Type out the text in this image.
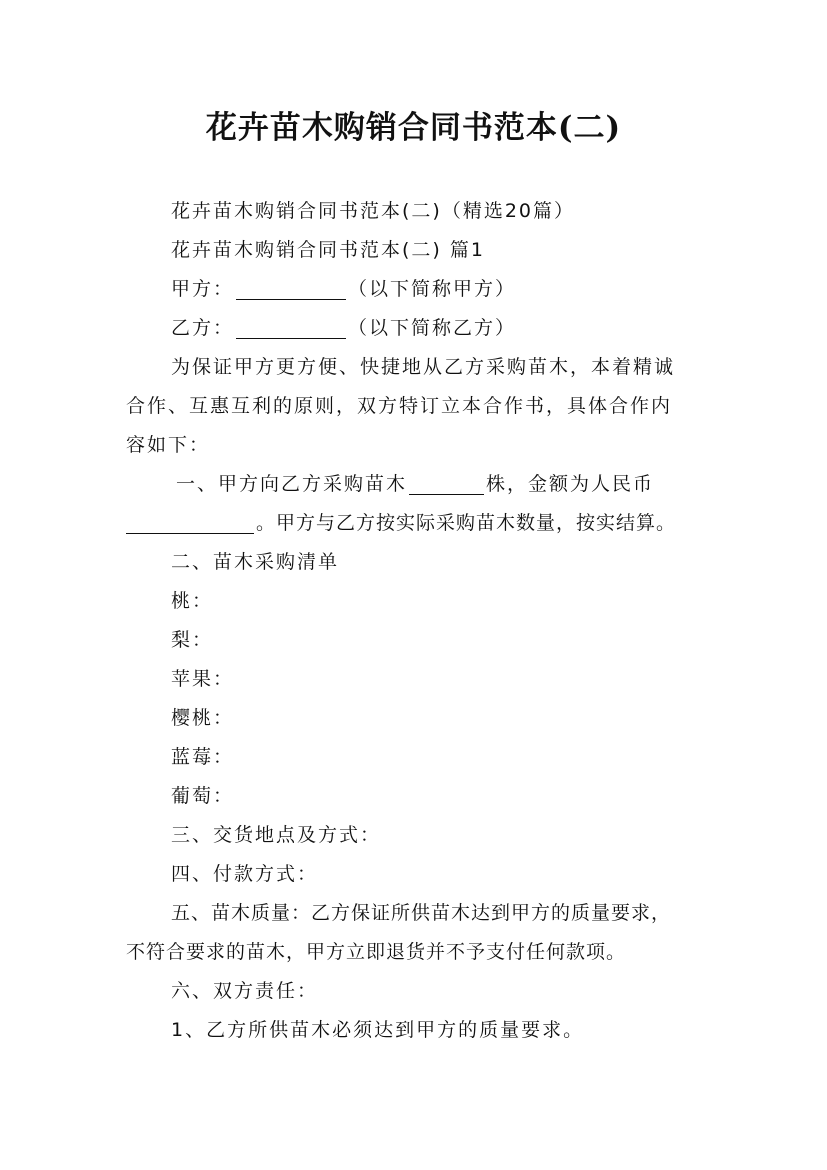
花卉苗木购销合同书范本(二)
花卉苗木购销合同书范本(二)（精选20篇）
花卉苗木购销合同书范本(二) 篇1
甲方：	（以下简称甲方）
乙方：	（以下简称乙方）
为保证甲方更方便、快捷地从乙方采购苗木，本着精诚
合作、互惠互利的原则，双方特订立本合作书，具体合作内
容如下：
一、甲方向乙方采购苗木	株，金额为人民币
。甲方与乙方按实际采购苗木数量，按实结算。
二、苗木采购清单
桃：
梨：
苹果：
樱桃：
蓝莓：
葡萄：
三、交货地点及方式：
四、付款方式：
五、苗木质量：乙方保证所供苗木达到甲方的质量要求，
不符合要求的苗木，甲方立即退货并不予支付任何款项。
六、双方责任：
1、乙方所供苗木必须达到甲方的质量要求。
